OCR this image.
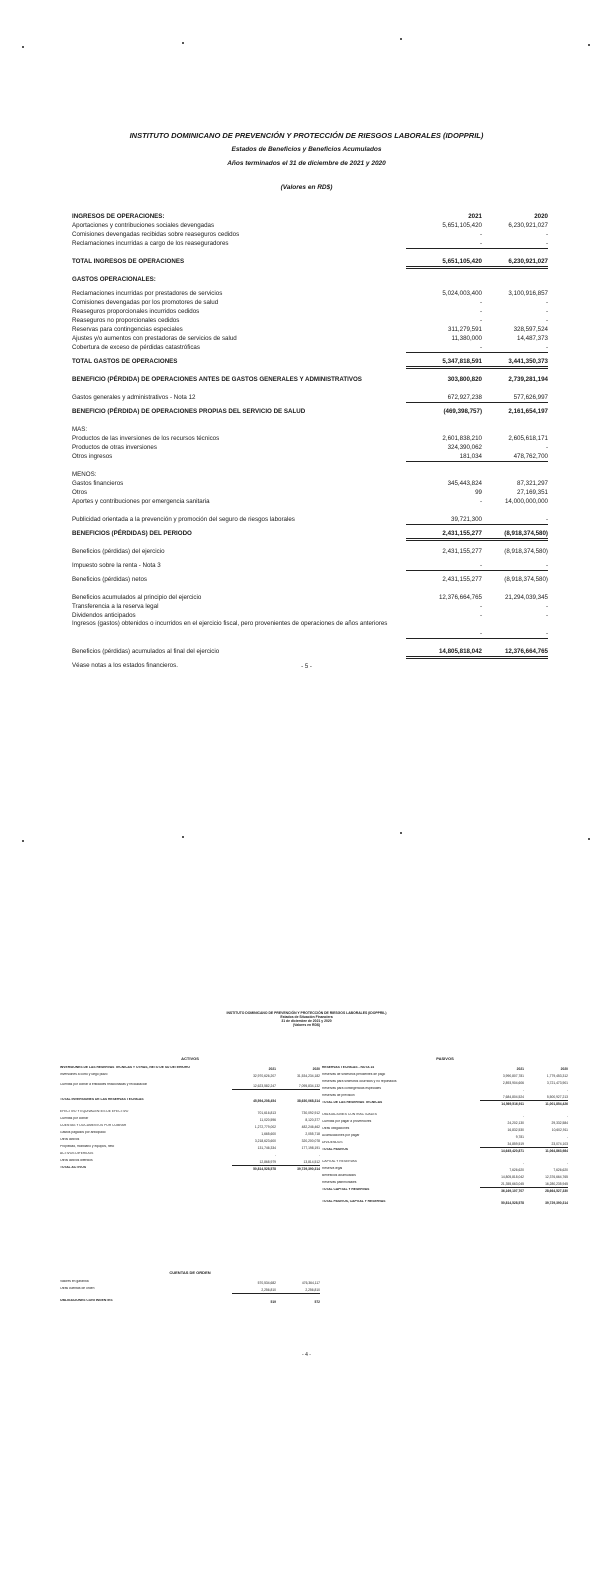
INSTITUTO DOMINICANO DE PREVENCIÓN Y PROTECCIÓN DE RIESGOS LABORALES (IDOPPRIL)
Estados de Beneficios y Beneficios Acumulados
Años terminados el 31 de diciembre de 2021 y 2020
(Valores en RD$)
INGRESOS DE OPERACIONES:	2021	2020
Aportaciones y contribuciones sociales devengadas	5,651,105,420	6,230,921,027
Comisiones devengadas recibidas sobre reaseguros cedidos	-	-
Reclamaciones incurridas a cargo de los reaseguradores	-	-
TOTAL INGRESOS DE OPERACIONES	5,651,105,420	6,230,921,027
GASTOS OPERACIONALES:
Reclamaciones incurridas por prestadores de servicios	5,024,003,400	3,100,916,857
Comisiones devengadas por los promotores de salud	-	-
Reaseguros proporcionales incurridos cedidos	-	-
Reaseguros no proporcionales cedidos	-	-
Reservas para contingencias especiales	311,279,591	328,597,524
Ajustes y/o aumentos con prestadoras de servicios de salud	11,380,000	14,487,373
Cobertura de exceso de pérdidas catastróficas	-	-
TOTAL GASTOS DE OPERACIONES	5,347,818,591	3,441,350,373
BENEFICIO (PÉRDIDA) DE OPERACIONES ANTES DE GASTOS GENERALES Y ADMINISTRATIVOS	303,800,820	2,739,281,194
Gastos generales y administrativos - Nota 12	672,927,238	577,626,997
BENEFICIO (PÉRDIDA) DE OPERACIONES PROPIAS DEL SERVICIO DE SALUD	(469,398,757)	2,161,654,197
MAS:
Productos de las inversiones de los recursos técnicos	2,601,838,210	2,605,618,171
Productos de otras inversiones	324,390,062	-
Otros ingresos	181,034	478,762,700
MENOS:
Gastos financieros	345,443,824	87,321,297
Otros	99	27,169,351
Aportes y contribuciones por emergencia sanitaria	-	14,000,000,000
Publicidad orientada a la prevención y promoción del seguro de riesgos laborales	39,721,300	-
BENEFICIOS (PÉRDIDAS) DEL PERIODO	2,431,155,277	(8,918,374,580)
Beneficios (pérdidas) del ejercicio	2,431,155,277	(8,918,374,580)
Impuesto sobre la renta - Nota 3	-	-
Beneficios (pérdidas) netos	2,431,155,277	(8,918,374,580)
Beneficios acumulados al principio del ejercicio	12,376,664,765	21,294,039,345
Transferencia a la reserva legal	-	-
Dividendos anticipados	-	-
Ingresos (gastos) obtenidos o incurridos en el ejercicio fiscal, pero provenientes de operaciones de años anteriores
-	-
Beneficios (pérdidas) acumulados al final del ejercicio	14,805,818,042	12,376,664,765
Véase notas a los estados financieros.	- 5 -
INSTITUTO DOMINICANO DE PREVENCIÓN Y PROTECCIÓN DE RIESGOS LABORALES (IDOPPRIL)
Estados de Situación Financiera
31 de diciembre de 2021 y 2020
(Valores en RD$)
ACTIVOS
INVERSIONES DE LAS RESERVAS TÉCNICAS Y OTRAS, NETO DE SU DETERIORO	2021	2020
Inversiones a corto y largo plazo	32,970,626,207	31,534,234,182
Cuentas por cobrar a entidades relacionadas y recaudación	12,623,582,247	7,095,834,132
TOTAL INVERSIONES DE LAS RESERVAS TÉCNICAS	45,594,208,454	38,630,068,314
EFECTIVO Y EQUIVALENTES DE EFECTIVO	701,616,813	730,092,912
Cuentas por cobrar	11,020,596	8,120,377
CUENTAS Y DOCUMENTOS POR COBRAR	1,272,779,002	482,246,462
Gastos pagados por anticipado	1,665,600	2,055,718
Otros activos	3,218,623,600	320,200,078
Propiedad, mobiliario y equipos, neto	131,746,334	177,198,191
ACTIVOS DIFERIDOS	-	-
Otros activos diferidos	12,868,979	13,814,512
TOTAL ACTIVOS	50,814,528,578	39,729,390,314
PASIVOS
RESERVAS TÉCNICAS - NOTA 14	2021	2020
Reservas de siniestros pendientes de pago	3,990,807,781	1,779,453,312
Reservas para siniestros ocurridos y no reportados	2,893,904,606	3,721,473,901
Reservas para contingencias especiales	-	-
Reservas de previsión	7,684,804,524	5,500,927,213
TOTAL DE LAS RESERVAS TÉCNICAS	14,569,516,911	11,001,854,426
OBLIGACIONES CONTRACTUALES	-	-
Cuentas por pagar a proveedores	24,202,130	29,332,584
Otras obligaciones	16,832,530	10,602,911
Acumulaciones por pagar	9,781	-
DIVIDENDOS	34,859,519	23,074,103
TOTAL PASIVOS	14,645,420,871	11,064,863,984
CAPITAL Y RESERVAS	-	-
Reserva legal	7,626,620	7,626,620
Beneficios acumulados	14,805,818,042	12,376,664,765
Reservas patrimoniales	21,355,663,045	16,280,235,945
TOTAL CAPITAL Y RESERVAS	36,169,107,707	28,664,527,330
TOTAL PASIVOS, CAPITAL Y RESERVAS	50,814,528,578	39,729,390,314
CUENTAS DE ORDEN
Valores en garantía	570,534,682	476,364,117
Otras cuentas de orden	2,256,810	2,256,810
OBLIGACIONES CONTINGENTES	519	572
- 4 -
